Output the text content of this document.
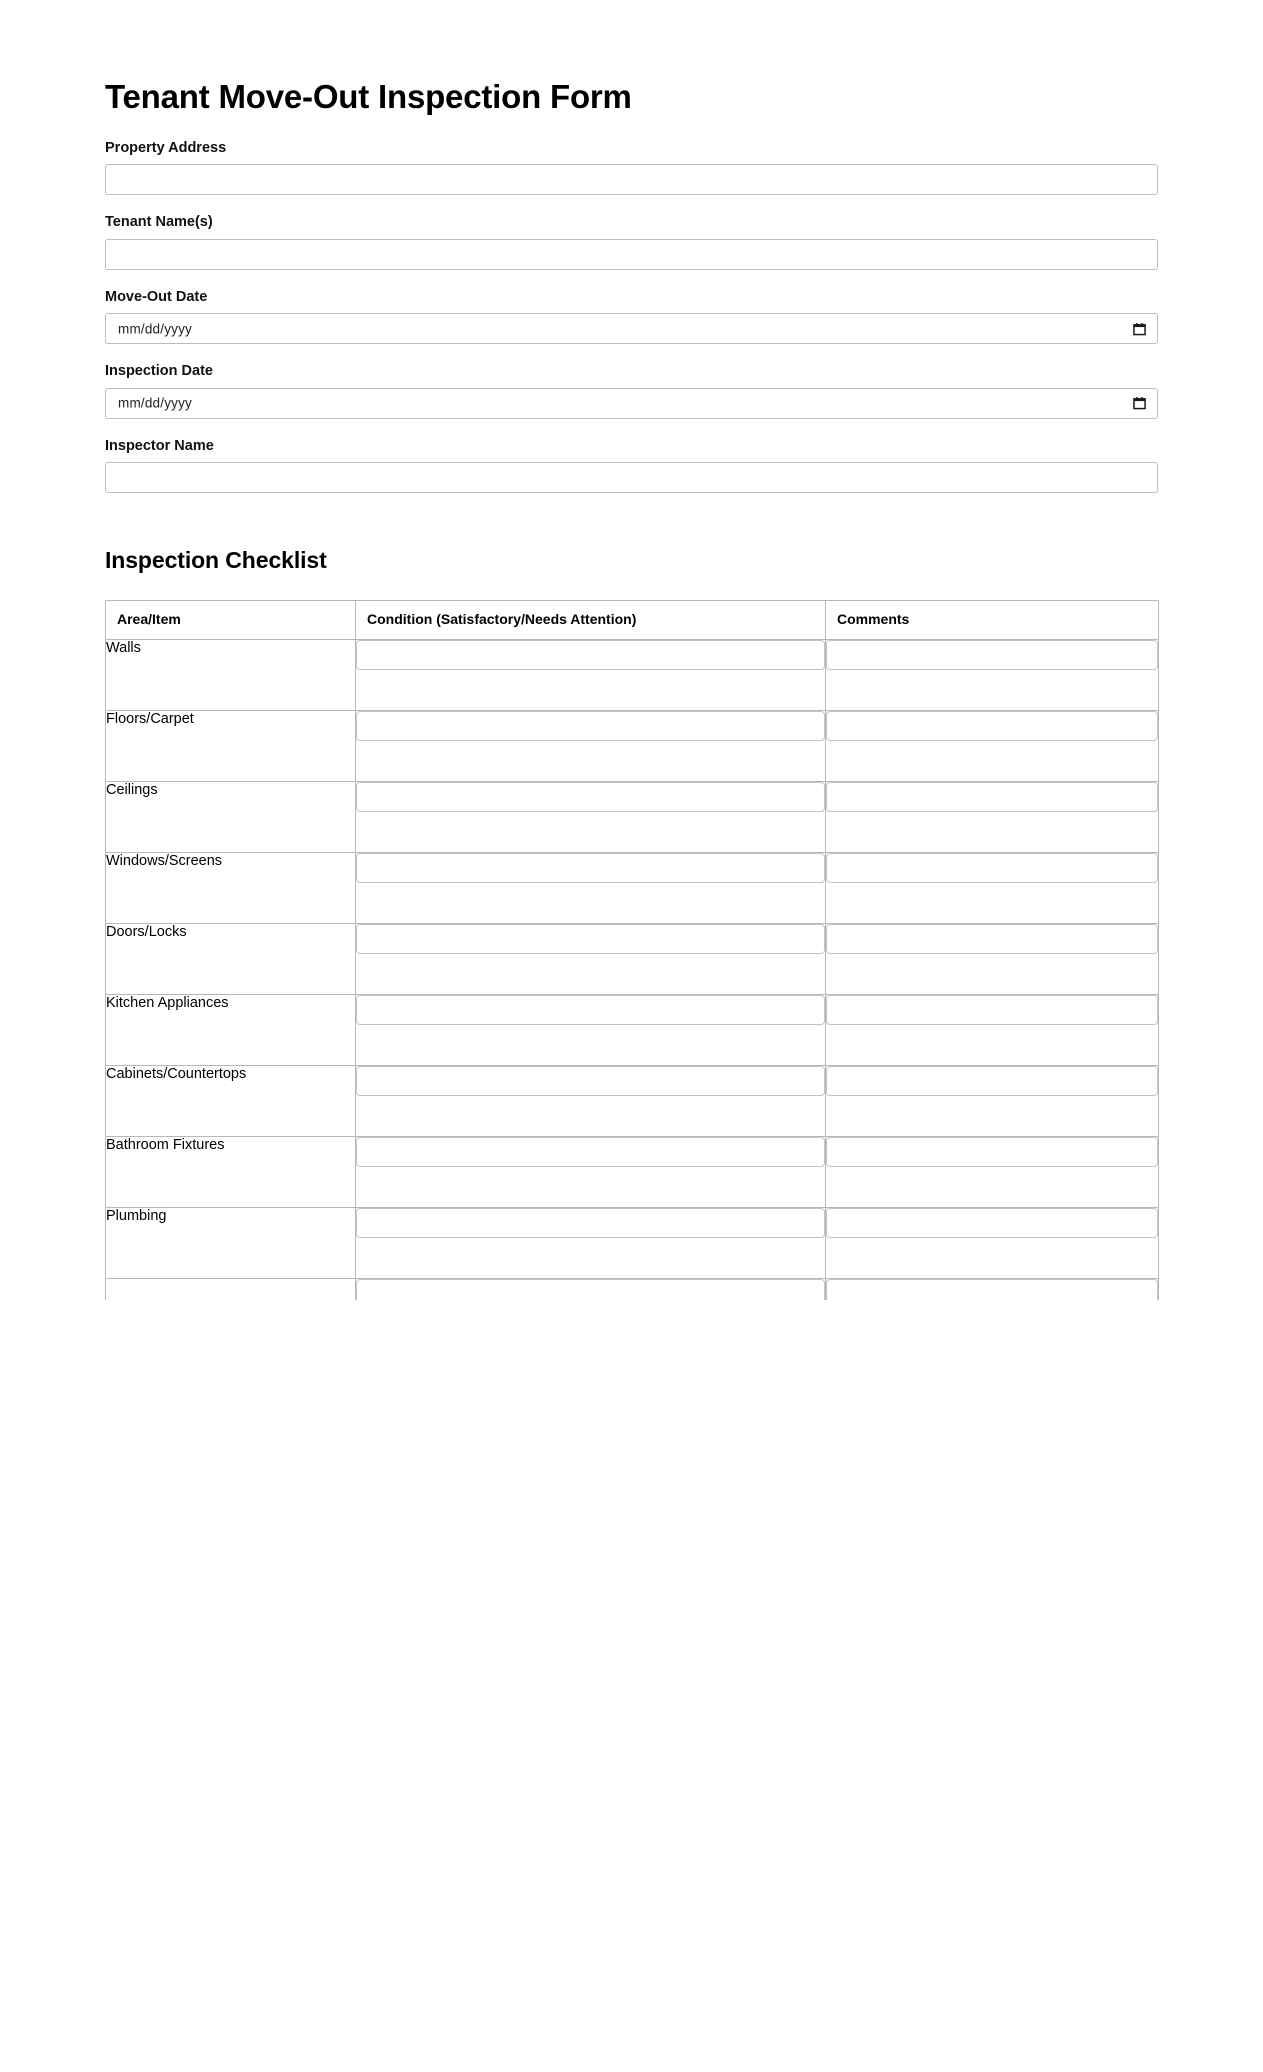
Tenant Move-Out Inspection Form
Property Address
Tenant Name(s)
Move-Out Date
mm/dd/yyyy
Inspection Date
mm/dd/yyyy
Inspector Name
Inspection Checklist
Area/Item	Condition (Satisfactory/Needs Attention)	Comments
Walls	

Floors/Carpet	

Ceilings	

Windows/Screens	

Doors/Locks	

Kitchen Appliances	

Cabinets/Countertops	

Bathroom Fixtures	

Plumbing	
